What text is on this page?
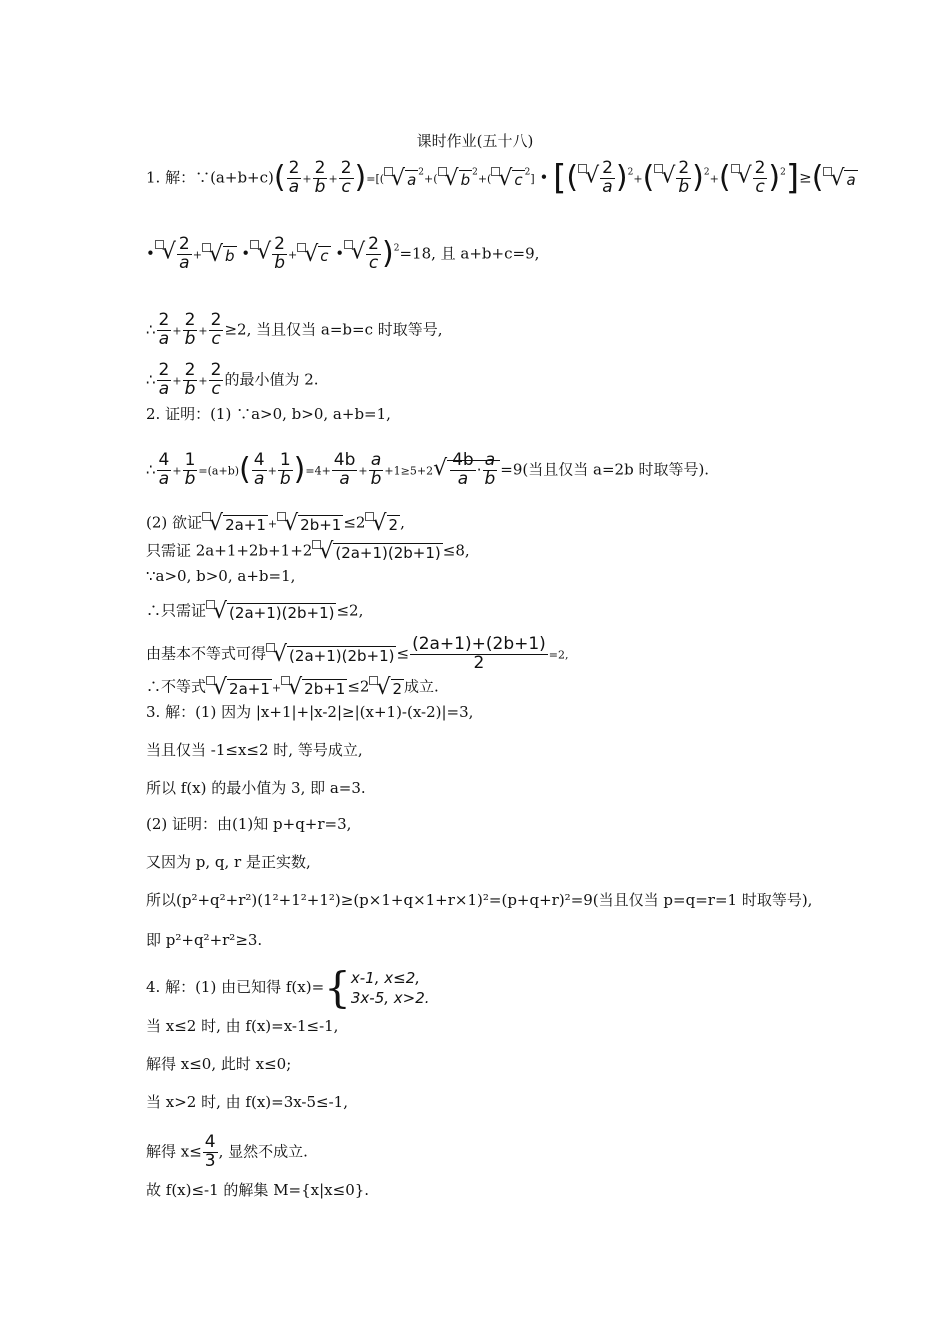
课时作业(五十八)
1. 解：∵(a+b+c)( $\frac{2}{a} + \frac{2}{b} + \frac{2}{c}$ )=[( √ a $^2$+( √ b $^2$+( √ c $^2$] • [( √ $\frac{2}{a} )^2+$( √ $\frac{2}{b} )^2+$( √ $\frac{2}{c} )^2]\ge$( √ a
• √ $\frac{2}{a}$ + √ b • √ $\frac{2}{b}$ + √ c • √ $\frac{2}{c} )^2=18$, 且 a+b+c=9,
∴ $\frac{2}{a} + \frac{2}{b} + \frac{2}{c} \ge 2$, 当且仅当 a=b=c 时取等号,
∴ $\frac{2}{a} + \frac{2}{b} + \frac{2}{c}$ 的最小值为 2.
2. 证明：(1) ∵a>0, b>0, a+b=1,
∴ $\frac{4}{a} + \frac{1}{b} =(a+b)( \frac{4}{a} + \frac{1}{b} )=4+ \frac{4b}{a} + \frac{a}{b} +1\ge 5+2√ \frac{4b}{a} \cdot \frac{a}{b} =9$(当且仅当 a=2b 时取等号).
(2) 欲证 √ 2a+1 + √ 2b+1 ≤2 √ 2 ,
只需证 2a+1+2b+1+2 √ (2a+1)(2b+1) ≤8,
∵a>0, b>0, a+b=1,
∴只需证 √ (2a+1)(2b+1) ≤2,
由基本不等式可得 √ $(2a+1)(2b+1) \le \frac{(2a+1)+(2b+1)}{2} =2$,
∴不等式 √ 2a+1 + √ 2b+1 ≤2 √ 2 成立.
3. 解：(1) 因为 |x+1|+|x-2|≥|(x+1)-(x-2)|=3,
当且仅当 -1≤x≤2 时, 等号成立,
所以 f(x) 的最小值为 3, 即 a=3.
(2) 证明：由(1)知 p+q+r=3,
又因为 p, q, r 是正实数,
所以(p²+q²+r²)(1²+1²+1²)≥(p×1+q×1+r×1)²=(p+q+r)²=9(当且仅当 p=q=r=1 时取等号),
即 p²+q²+r²≥3.
4. 解：(1) 由已知得 f(x)={ x-1, x≤2,
3x-5, x>2.
当 x≤2 时, 由 f(x)=x-1≤-1,
解得 x≤0, 此时 x≤0;
当 x>2 时, 由 f(x)=3x-5≤-1,
解得 $x\le \frac{4}{3}$ , 显然不成立.
故 f(x)≤-1 的解集 M={x|x≤0}.
